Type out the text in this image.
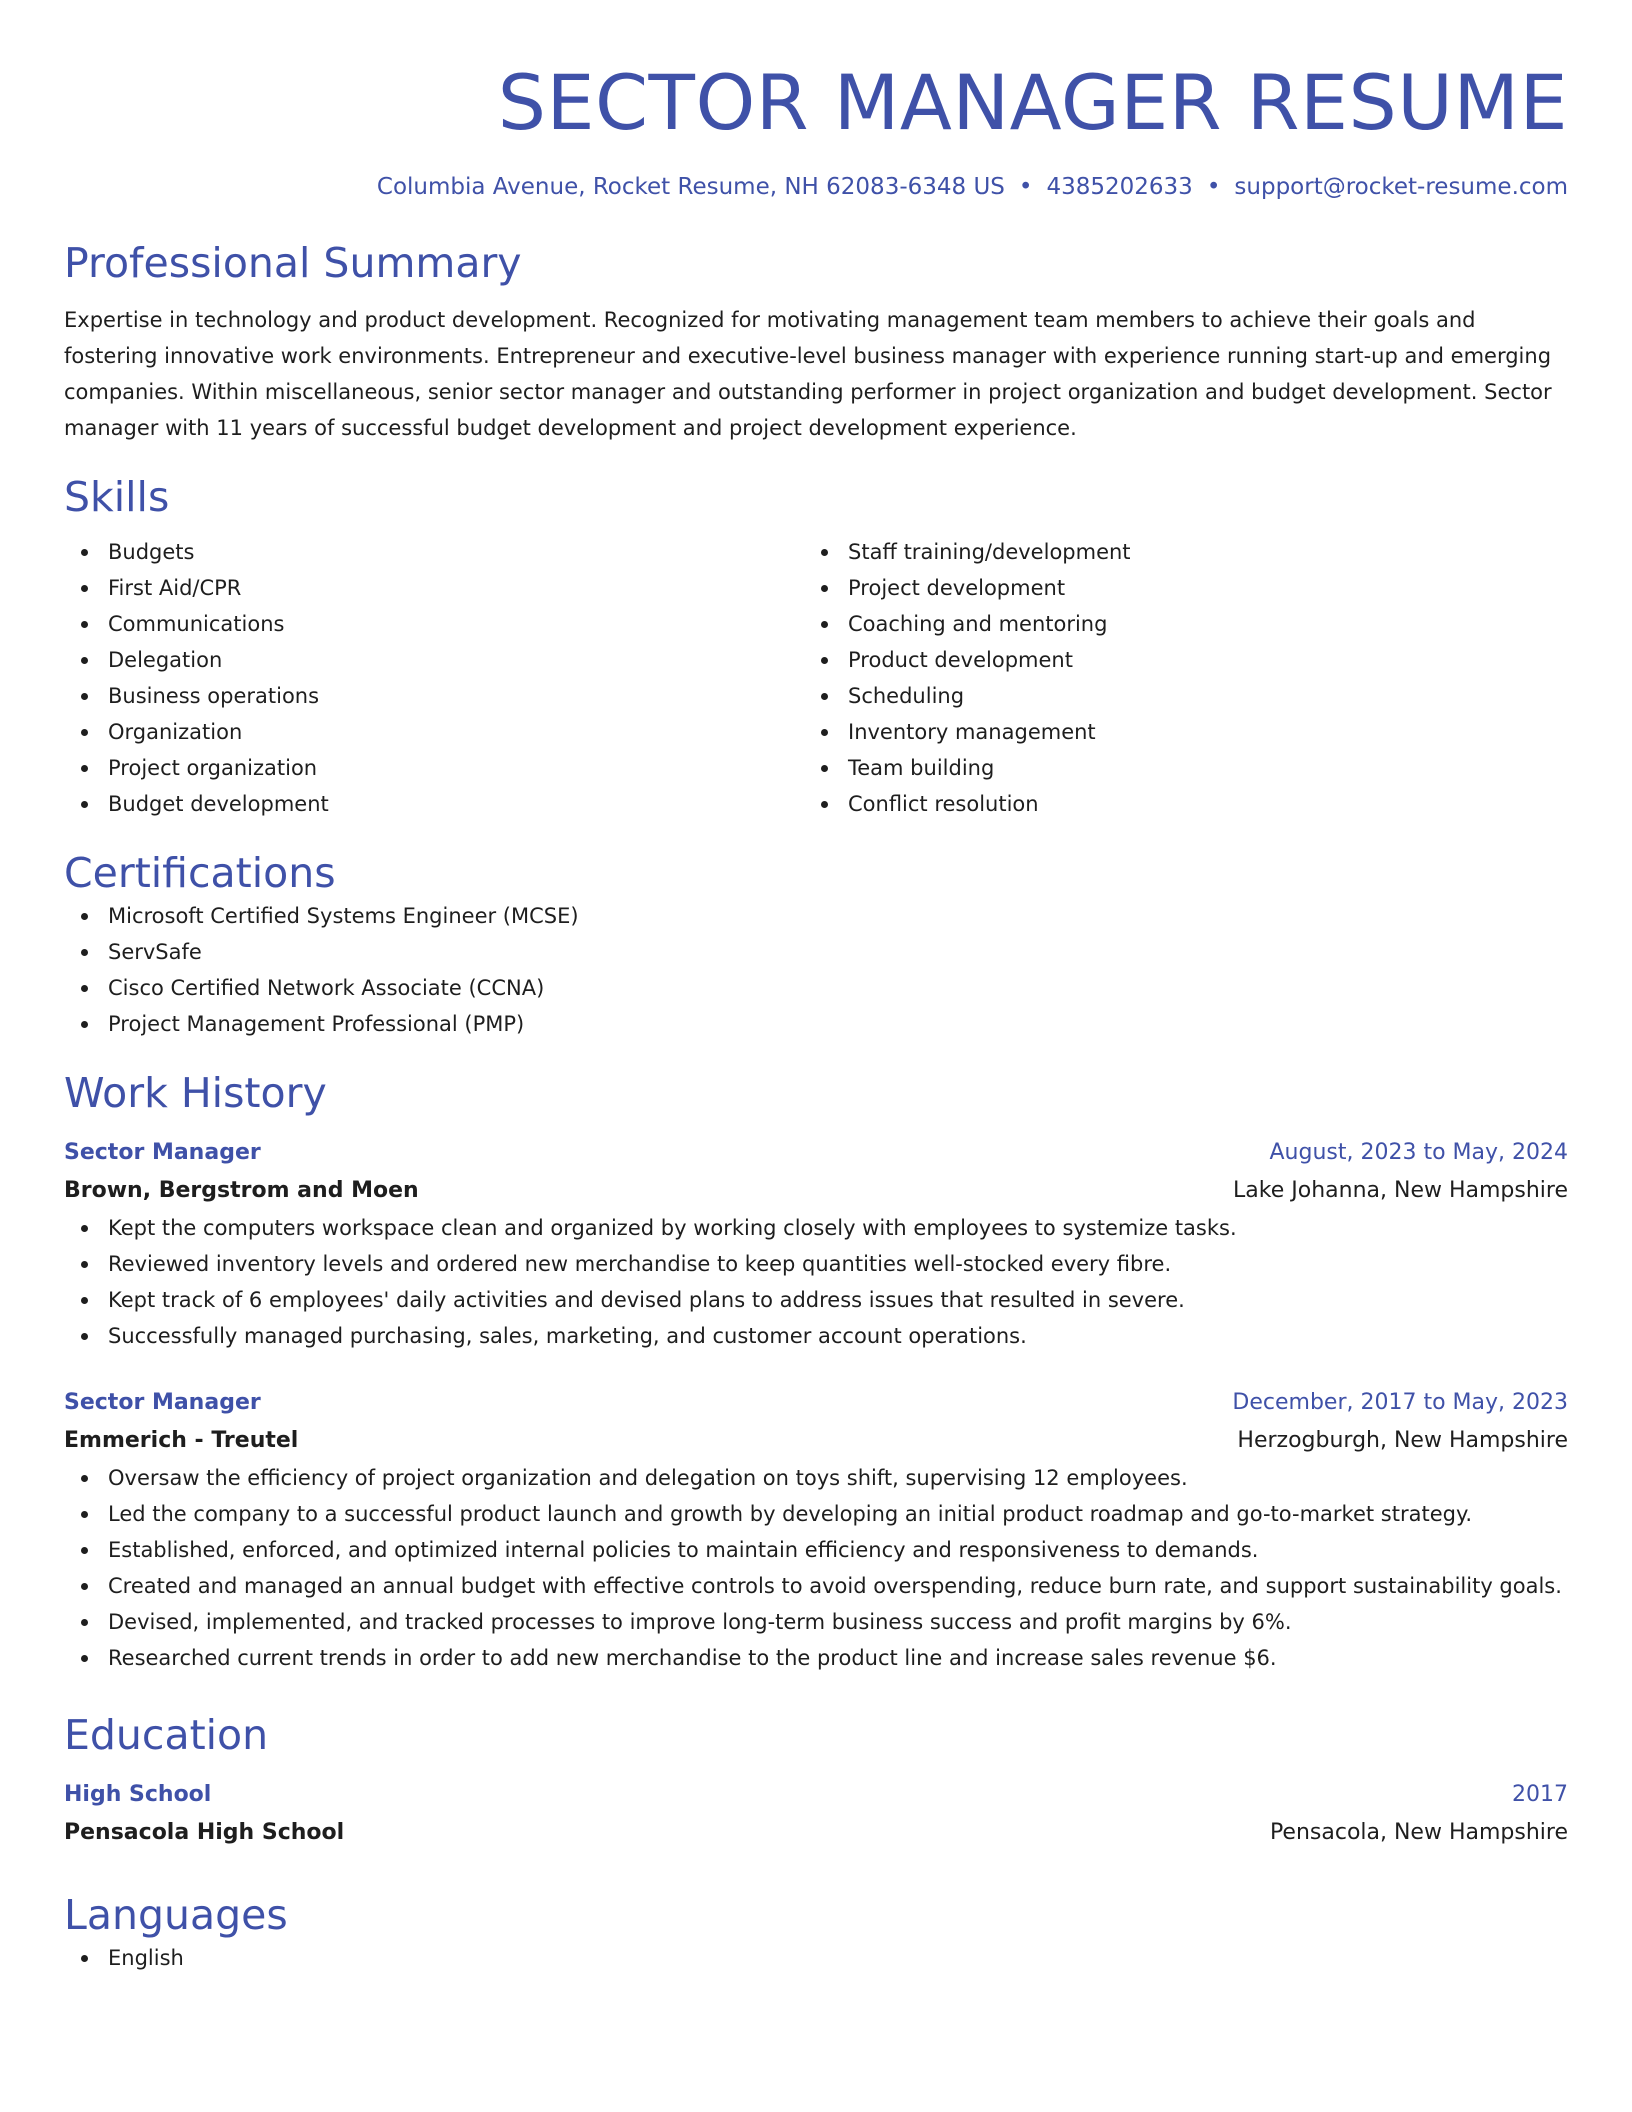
SECTOR MANAGER RESUME
Columbia Avenue, Rocket Resume, NH 62083-6348 US • 4385202633 • support@rocket-resume.com
Professional Summary
Expertise in technology and product development. Recognized for motivating management team members to achieve their goals and fostering innovative work environments. Entrepreneur and executive-level business manager with experience running start-up and emerging companies. Within miscellaneous, senior sector manager and outstanding performer in project organization and budget development. Sector manager with 11 years of successful budget development and project development experience.
Skills
Budgets
First Aid/CPR
Communications
Delegation
Business operations
Organization
Project organization
Budget development
Staff training/development
Project development
Coaching and mentoring
Product development
Scheduling
Inventory management
Team building
Conflict resolution
Certifications
Microsoft Certified Systems Engineer (MCSE)
ServSafe
Cisco Certified Network Associate (CCNA)
Project Management Professional (PMP)
Work History
Sector Manager	August, 2023 to May, 2024
Brown, Bergstrom and Moen	Lake Johanna, New Hampshire
Kept the computers workspace clean and organized by working closely with employees to systemize tasks.
Reviewed inventory levels and ordered new merchandise to keep quantities well-stocked every fibre.
Kept track of 6 employees' daily activities and devised plans to address issues that resulted in severe.
Successfully managed purchasing, sales, marketing, and customer account operations.
Sector Manager	December, 2017 to May, 2023
Emmerich - Treutel	Herzogburgh, New Hampshire
Oversaw the efficiency of project organization and delegation on toys shift, supervising 12 employees.
Led the company to a successful product launch and growth by developing an initial product roadmap and go-to-market strategy.
Established, enforced, and optimized internal policies to maintain efficiency and responsiveness to demands.
Created and managed an annual budget with effective controls to avoid overspending, reduce burn rate, and support sustainability goals.
Devised, implemented, and tracked processes to improve long-term business success and profit margins by 6%.
Researched current trends in order to add new merchandise to the product line and increase sales revenue $6.
Education
High School	2017
Pensacola High School	Pensacola, New Hampshire
Languages
English
